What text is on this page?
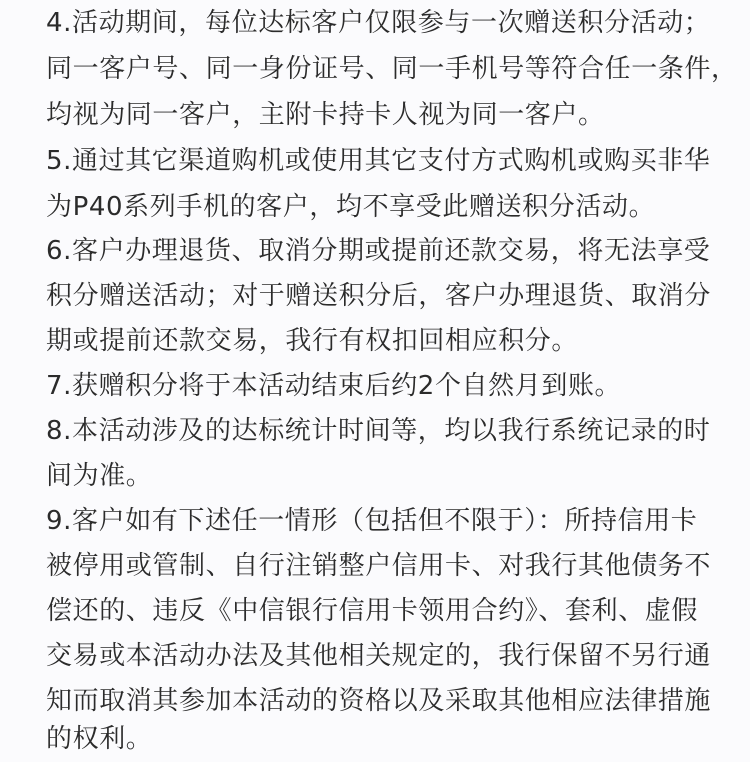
4.活动期间，每位达标客户仅限参与一次赠送积分活动；
同一客户号、同一身份证号、同一手机号等符合任一条件，
均视为同一客户，主附卡持卡人视为同一客户。
5.通过其它渠道购机或使用其它支付方式购机或购买非华
为P40系列手机的客户，均不享受此赠送积分活动。
6.客户办理退货、取消分期或提前还款交易，将无法享受
积分赠送活动；对于赠送积分后，客户办理退货、取消分
期或提前还款交易，我行有权扣回相应积分。
7.获赠积分将于本活动结束后约2个自然月到账。
8.本活动涉及的达标统计时间等，均以我行系统记录的时
间为准。
9.客户如有下述任一情形（包括但不限于）：所持信用卡
被停用或管制、自行注销整户信用卡、对我行其他债务不
偿还的、违反《中信银行信用卡领用合约》、套利、虚假
交易或本活动办法及其他相关规定的，我行保留不另行通
知而取消其参加本活动的资格以及采取其他相应法律措施
的权利。
